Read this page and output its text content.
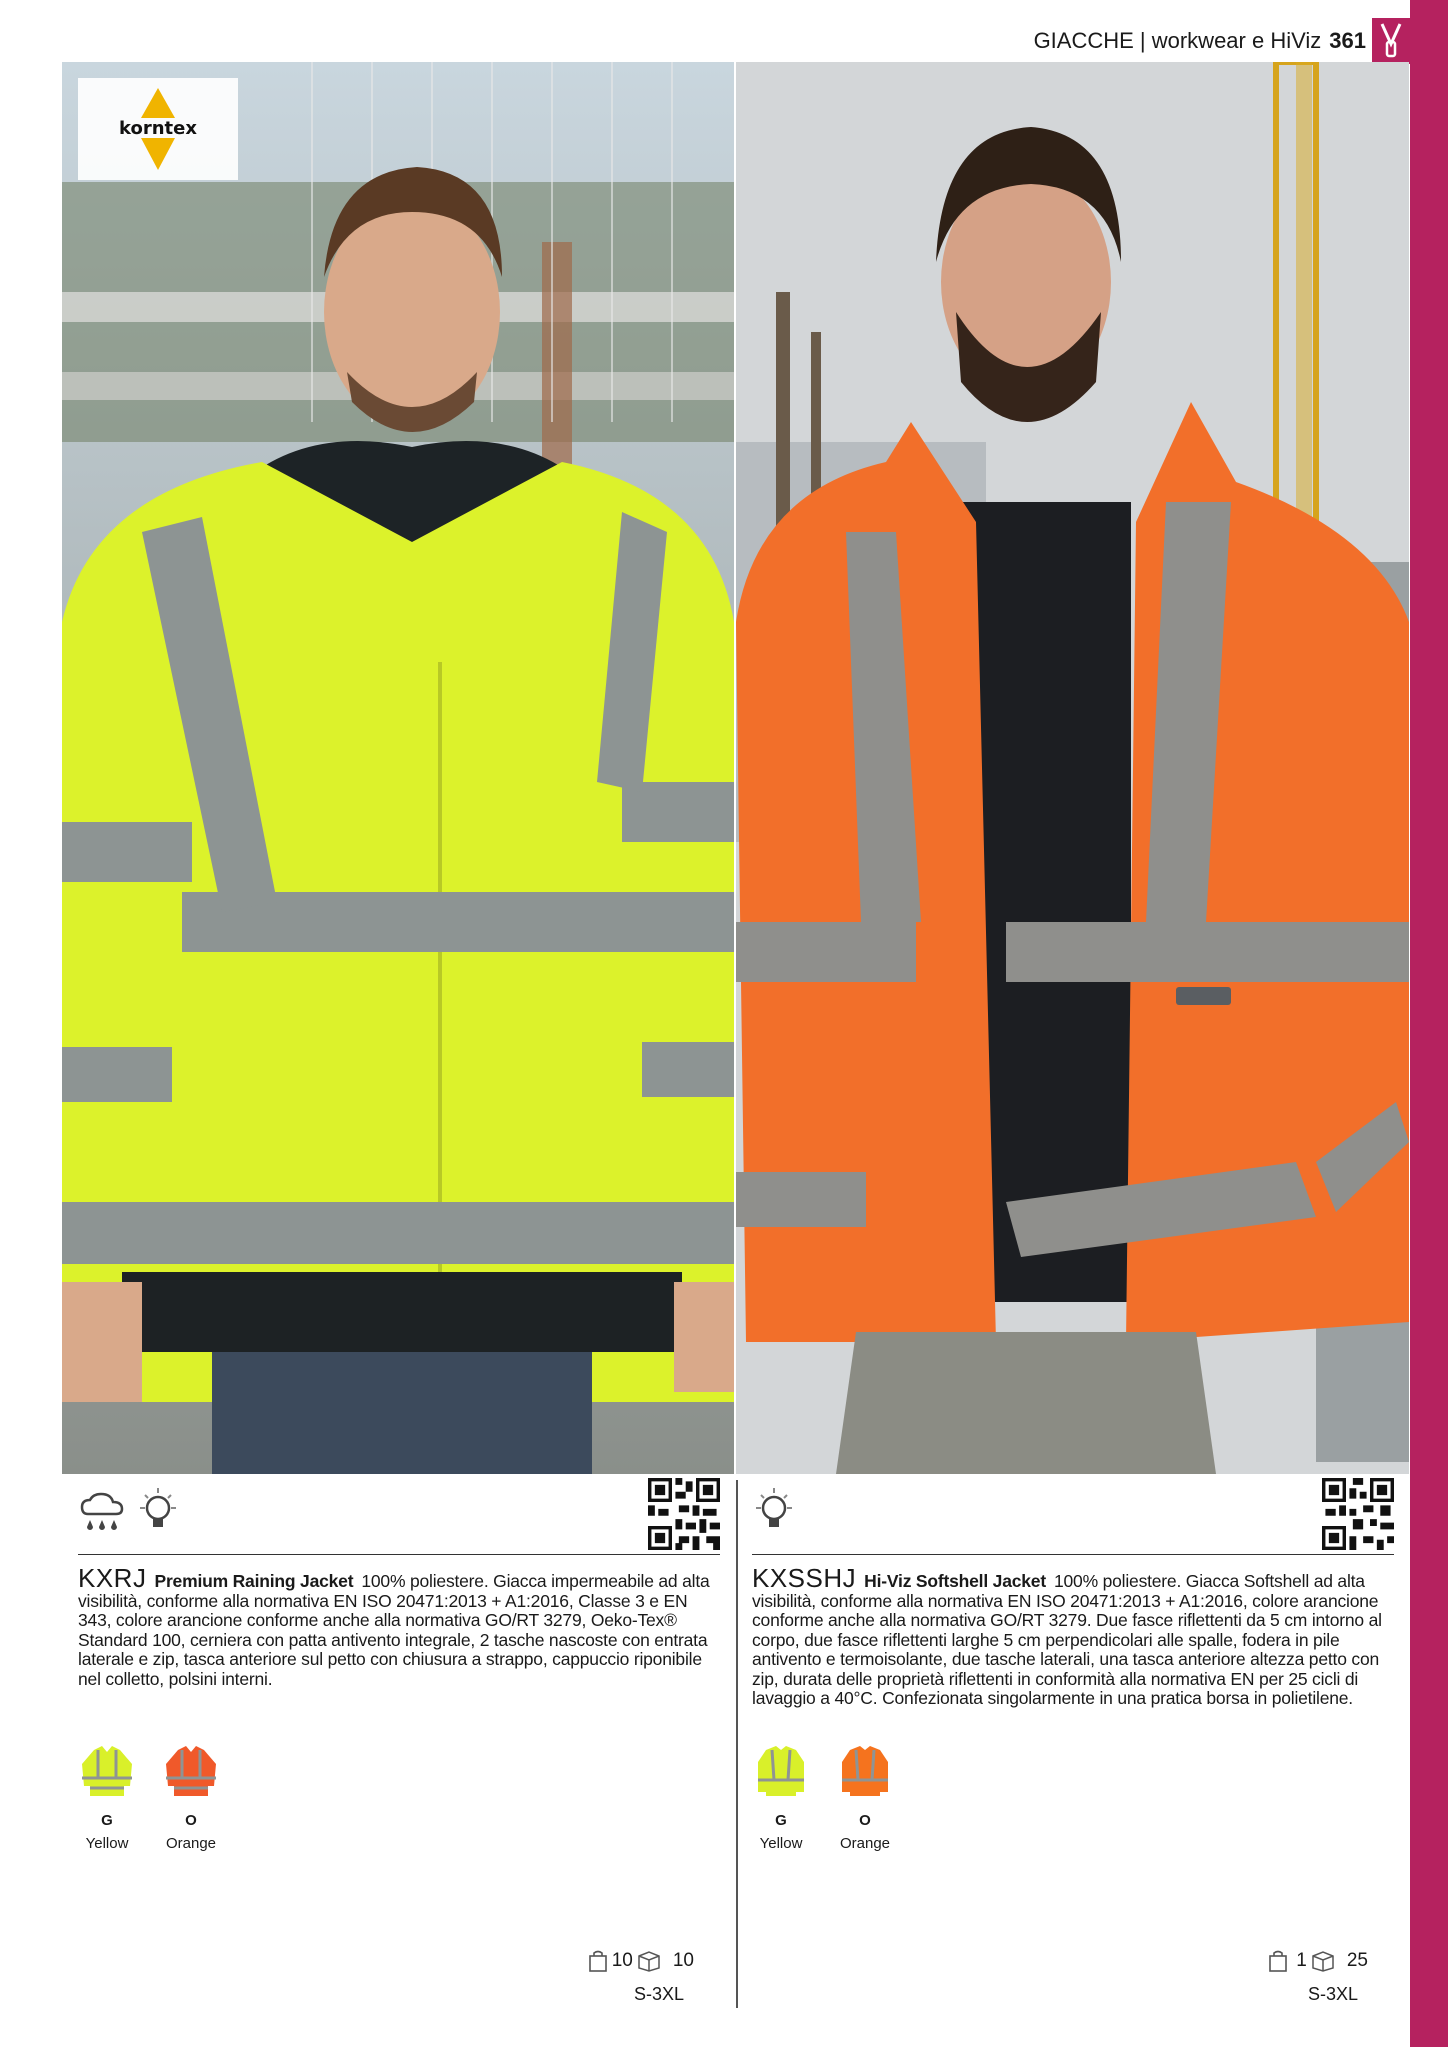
GIACCHE | workwear e HiViz 361
korntex
KXRJ Premium Raining Jacket 100% poliestere. Giacca impermeabile ad alta visibilità, conforme alla normativa EN ISO 20471:2013 + A1:2016, Classe 3 e EN 343, colore arancione conforme anche alla normativa GO/RT 3279, Oeko-Tex® Standard 100, cerniera con patta antivento integrale, 2 tasche nascoste con entrata laterale e zip, tasca anteriore sul petto con chiusura a strappo, cappuccio riponibile nel colletto, polsini interni.
G
Yellow
O
Orange
10 10
S-3XL
KXSSHJ Hi-Viz Softshell Jacket 100% poliestere. Giacca Softshell ad alta visibilità, conforme alla normativa EN ISO 20471:2013 + A1:2016, colore arancione conforme anche alla normativa GO/RT 3279. Due fasce riflettenti da 5 cm intorno al corpo, due fasce riflettenti larghe 5 cm perpendicolari alle spalle, fodera in pile antivento e termoisolante, due tasche laterali, una tasca anteriore altezza petto con zip, durata delle proprietà riflettenti in conformità alla normativa EN per 25 cicli di lavaggio a 40°C. Confezionata singolarmente in una pratica borsa in polietilene.
G
Yellow
O
Orange
1 25
S-3XL
